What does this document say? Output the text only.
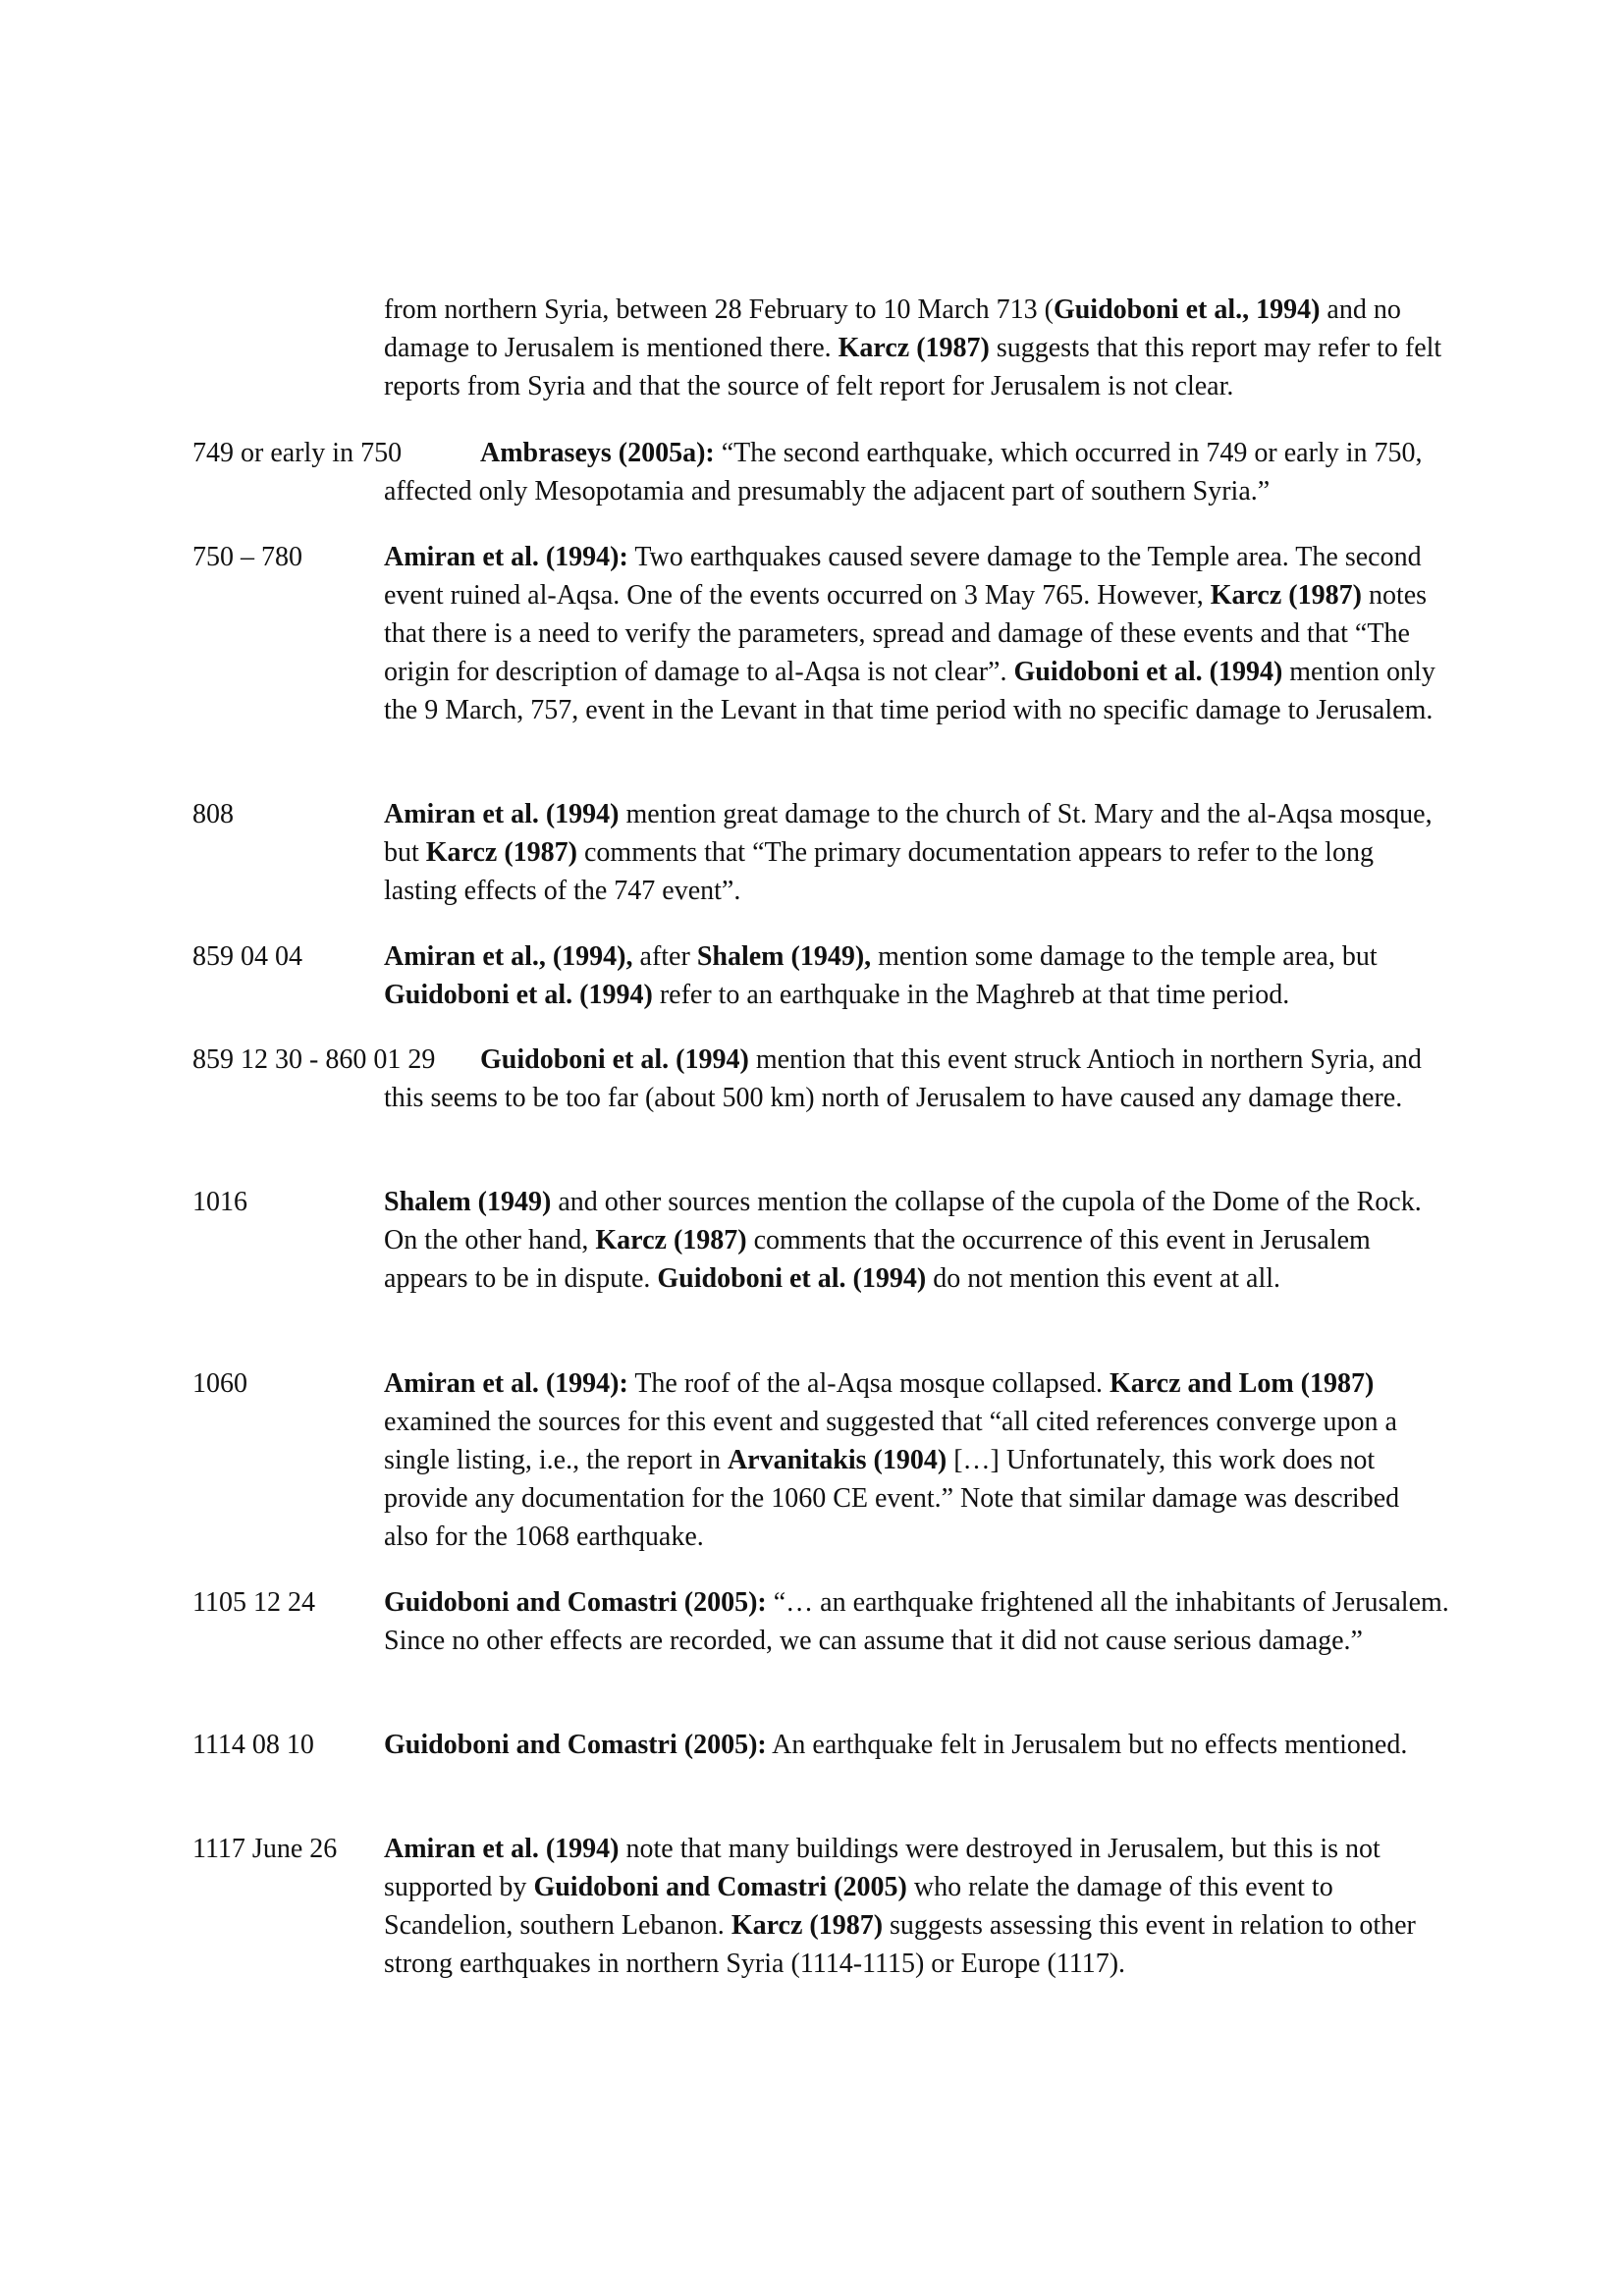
from northern Syria, between 28 February to 10 March 713 (Guidoboni et al., 1994) and no damage to Jerusalem is mentioned there. Karcz (1987) suggests that this report may refer to felt reports from Syria and that the source of felt report for Jerusalem is not clear.
749 or early in 750	Ambraseys (2005a): “The second earthquake, which occurred in 749 or early in 750, affected only Mesopotamia and presumably the adjacent part of southern Syria.”
750 – 780	Amiran et al. (1994): Two earthquakes caused severe damage to the Temple area. The second event ruined al-Aqsa. One of the events occurred on 3 May 765. However, Karcz (1987) notes that there is a need to verify the parameters, spread and damage of these events and that “The origin for description of damage to al-Aqsa is not clear”. Guidoboni et al. (1994) mention only the 9 March, 757, event in the Levant in that time period with no specific damage to Jerusalem.
808	Amiran et al. (1994) mention great damage to the church of St. Mary and the al-Aqsa mosque, but Karcz (1987) comments that “The primary documentation appears to refer to the long lasting effects of the 747 event”.
859 04 04	Amiran et al., (1994), after Shalem (1949), mention some damage to the temple area, but Guidoboni et al. (1994) refer to an earthquake in the Maghreb at that time period.
859 12 30 - 860 01 29	Guidoboni et al. (1994) mention that this event struck Antioch in northern Syria, and this seems to be too far (about 500 km) north of Jerusalem to have caused any damage there.
1016	Shalem (1949) and other sources mention the collapse of the cupola of the Dome of the Rock. On the other hand, Karcz (1987) comments that the occurrence of this event in Jerusalem appears to be in dispute. Guidoboni et al. (1994) do not mention this event at all.
1060	Amiran et al. (1994): The roof of the al-Aqsa mosque collapsed. Karcz and Lom (1987) examined the sources for this event and suggested that “all cited references converge upon a single listing, i.e., the report in Arvanitakis (1904) […] Unfortunately, this work does not provide any documentation for the 1060 CE event.” Note that similar damage was described also for the 1068 earthquake.
1105 12 24	Guidoboni and Comastri (2005): “… an earthquake frightened all the inhabitants of Jerusalem. Since no other effects are recorded, we can assume that it did not cause serious damage.”
1114 08 10	Guidoboni and Comastri (2005): An earthquake felt in Jerusalem but no effects mentioned.
1117 June 26 Amiran et al. (1994) note that many buildings were destroyed in Jerusalem, but this is not supported by Guidoboni and Comastri (2005) who relate the damage of this event to Scandelion, southern Lebanon. Karcz (1987) suggests assessing this event in relation to other strong earthquakes in northern Syria (1114-1115) or Europe (1117).
